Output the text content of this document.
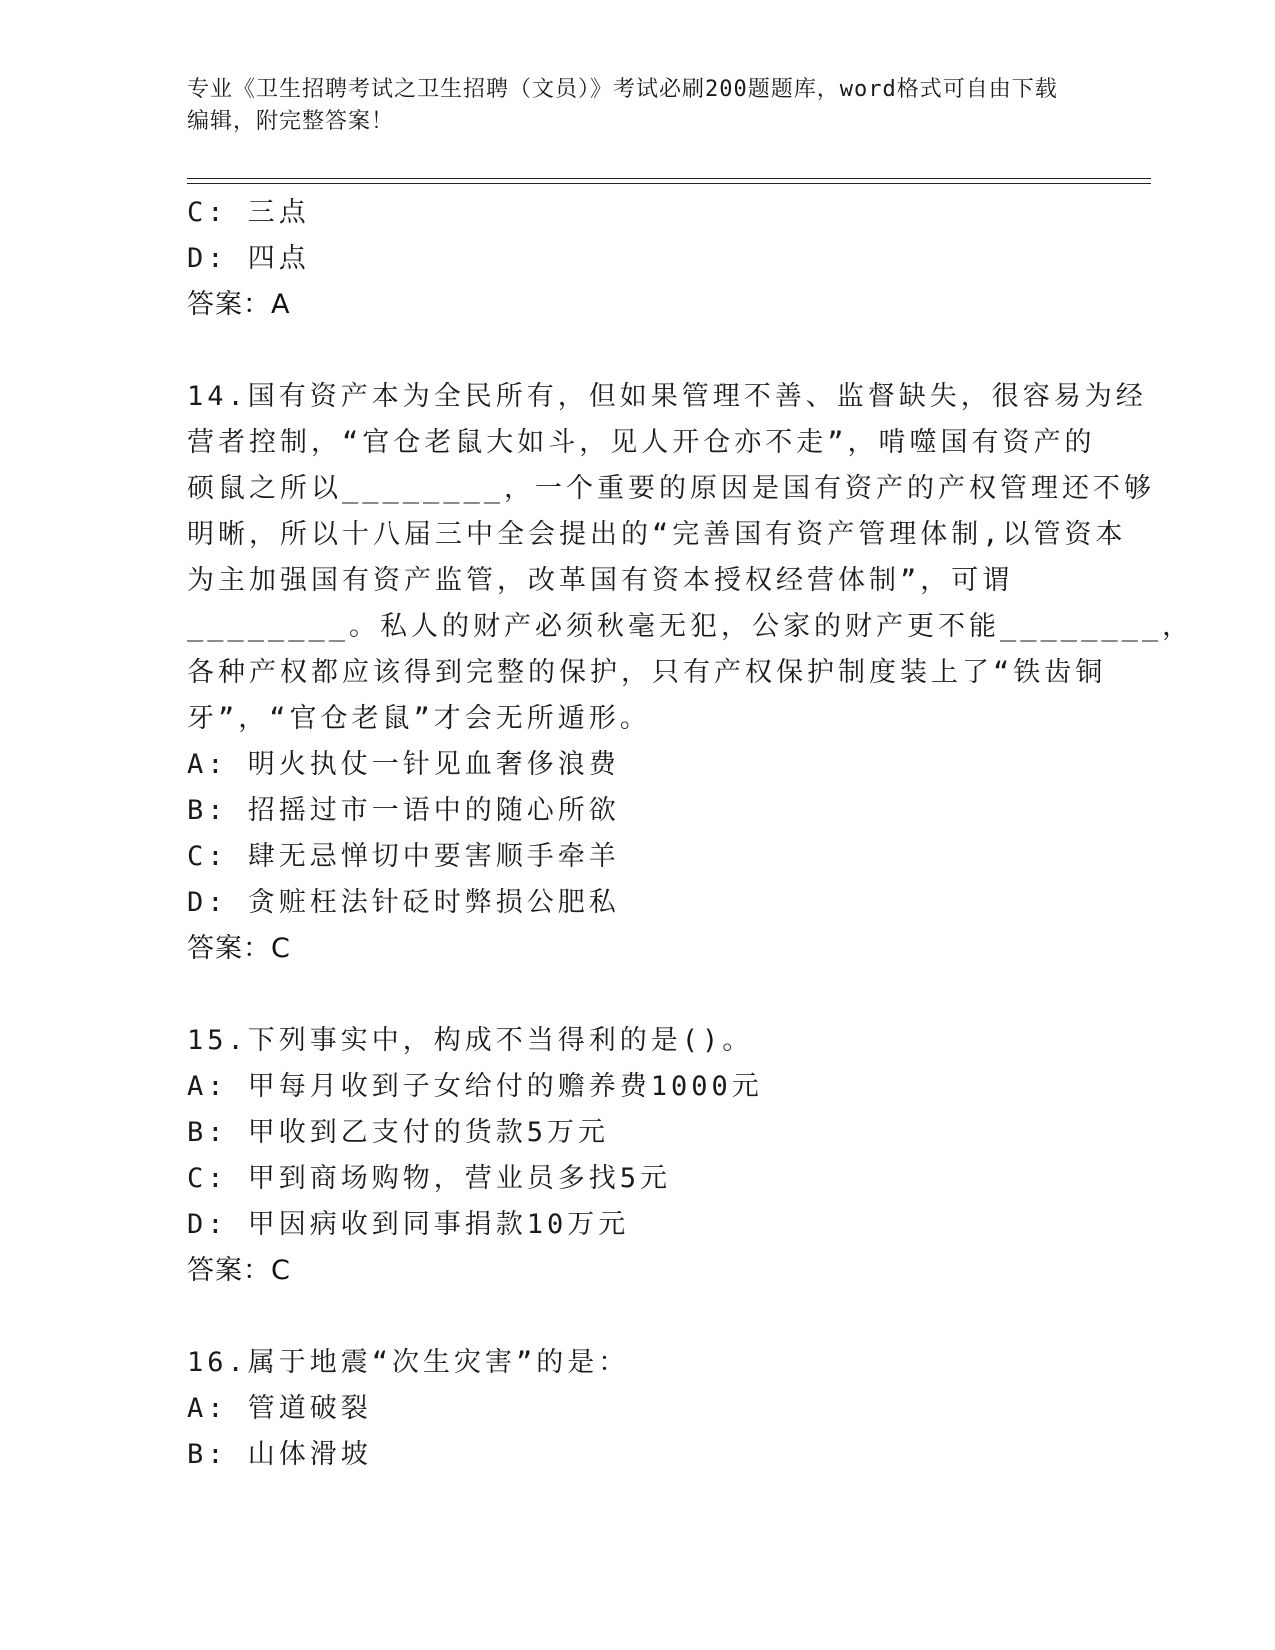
专业《卫生招聘考试之卫生招聘（文员）》考试必刷200题题库，word格式可自由下载编辑，附完整答案！
C: 三点
D: 四点
答案：A
14.国有资产本为全民所有，但如果管理不善、监督缺失，很容易为经
营者控制，“官仓老鼠大如斗，见人开仓亦不走”，啃噬国有资产的
硕鼠之所以________，一个重要的原因是国有资产的产权管理还不够
明晰，所以十八届三中全会提出的“完善国有资产管理体制,以管资本
为主加强国有资产监管，改革国有资本授权经营体制”，可谓
________。私人的财产必须秋毫无犯，公家的财产更不能________，
各种产权都应该得到完整的保护，只有产权保护制度装上了“铁齿铜
牙”，“官仓老鼠”才会无所遁形。
A: 明火执仗一针见血奢侈浪费
B: 招摇过市一语中的随心所欲
C: 肆无忌惮切中要害顺手牵羊
D: 贪赃枉法针砭时弊损公肥私
答案：C
15.下列事实中，构成不当得利的是()。
A: 甲每月收到子女给付的赡养费1000元
B: 甲收到乙支付的货款5万元
C: 甲到商场购物，营业员多找5元
D: 甲因病收到同事捐款10万元
答案：C
16.属于地震“次生灾害”的是：
A: 管道破裂
B: 山体滑坡
